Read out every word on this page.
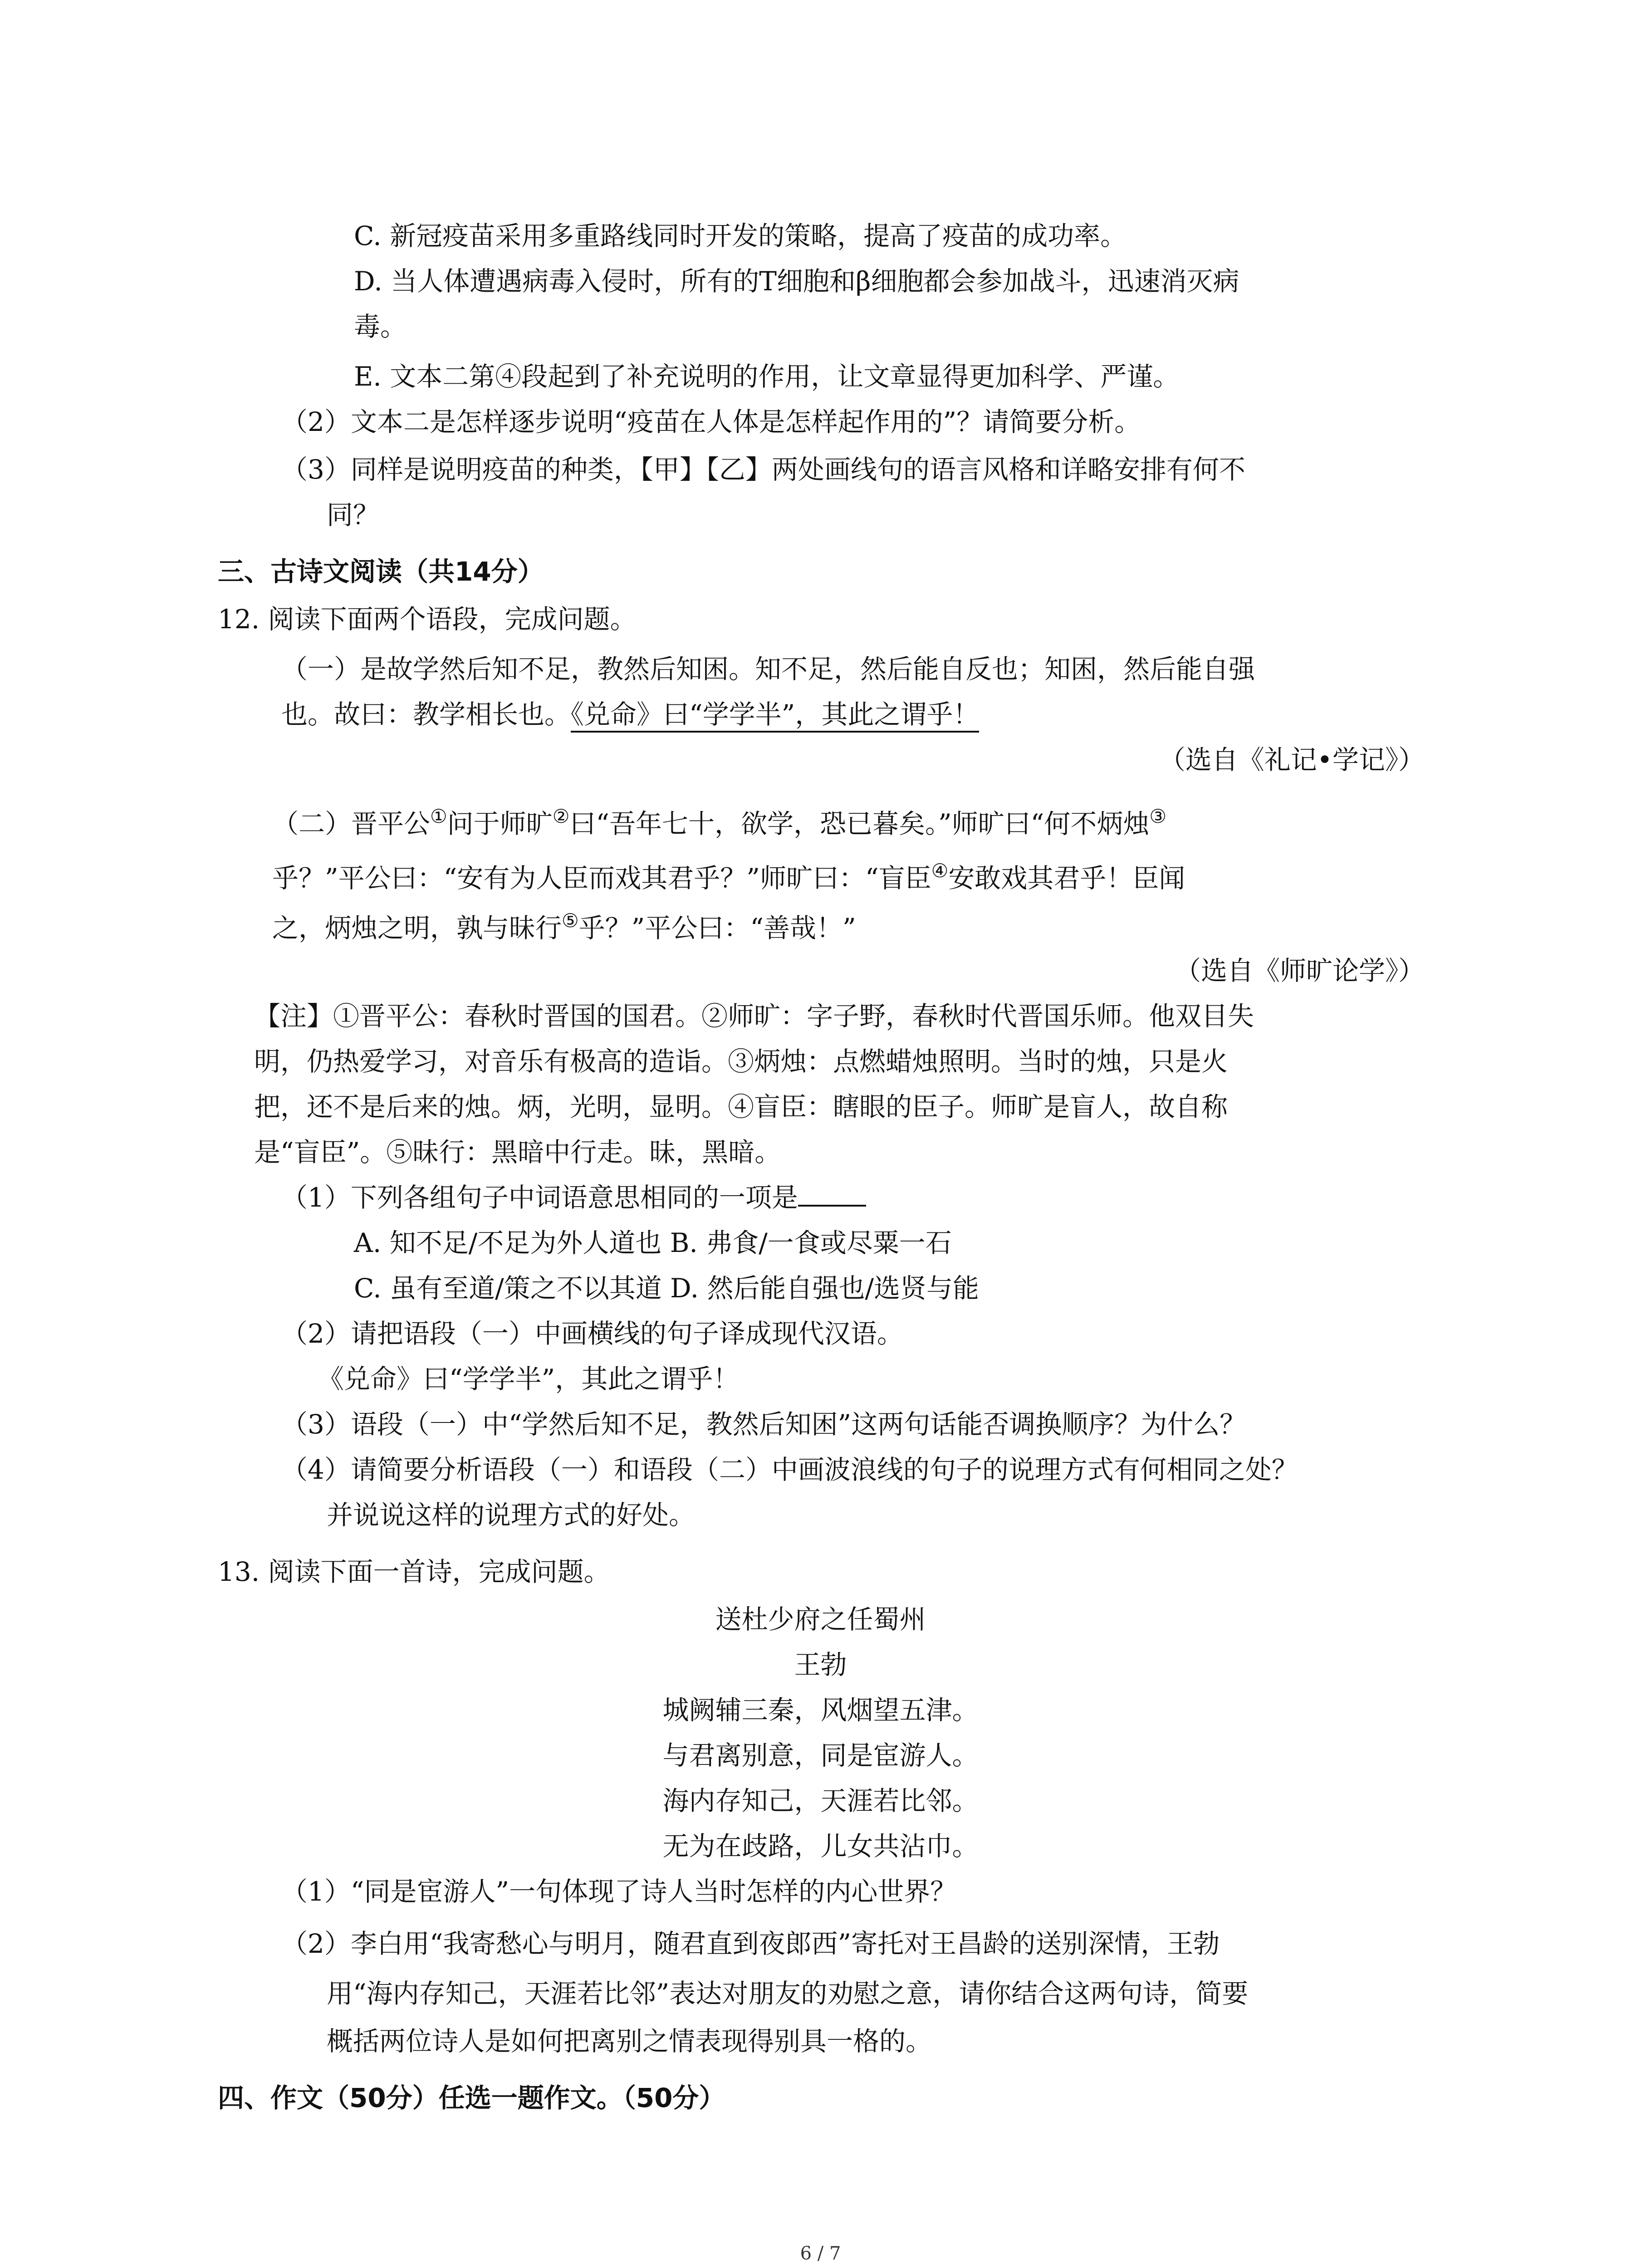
C. 新冠疫苗采用多重路线同时开发的策略，提高了疫苗的成功率。
D. 当人体遭遇病毒入侵时，所有的T细胞和β细胞都会参加战斗，迅速消灭病
毒。
E. 文本二第④段起到了补充说明的作用，让文章显得更加科学、严谨。
（2）文本二是怎样逐步说明“疫苗在人体是怎样起作用的”？请简要分析。
（3）同样是说明疫苗的种类，【甲】【乙】两处画线句的语言风格和详略安排有何不
同？
三、古诗文阅读（共14分）
12. 阅读下面两个语段，完成问题。
（一）是故学然后知不足，教然后知困。知不足，然后能自反也；知困，然后能自强
也。故曰：教学相长也。《兑命》曰“学学半”，其此之谓乎！
（选自《礼记•学记》）
（二）晋平公①问于师旷②曰“吾年七十，欲学，恐已暮矣。”师旷曰“何不炳烛③
乎？”平公曰：“安有为人臣而戏其君乎？”师旷曰：“盲臣④安敢戏其君乎！臣闻
之，炳烛之明，孰与昧行⑤乎？”平公曰：“善哉！”
（选自《师旷论学》）
【注】①晋平公：春秋时晋国的国君。②师旷：字子野，春秋时代晋国乐师。他双目失
明，仍热爱学习，对音乐有极高的造诣。③炳烛：点燃蜡烛照明。当时的烛，只是火
把，还不是后来的烛。炳，光明，显明。④盲臣：瞎眼的臣子。师旷是盲人，故自称
是“盲臣”。⑤昧行：黑暗中行走。昧，黑暗。
（1）下列各组句子中词语意思相同的一项是
A. 知不足/不足为外人道也 B. 弗食/一食或尽粟一石
C. 虽有至道/策之不以其道 D. 然后能自强也/选贤与能
（2）请把语段（一）中画横线的句子译成现代汉语。
《兑命》曰“学学半”，其此之谓乎！
（3）语段（一）中“学然后知不足，教然后知困”这两句话能否调换顺序？为什么？
（4）请简要分析语段（一）和语段（二）中画波浪线的句子的说理方式有何相同之处？
并说说这样的说理方式的好处。
13. 阅读下面一首诗，完成问题。
送杜少府之任蜀州
王勃
城阙辅三秦，风烟望五津。
与君离别意，同是宦游人。
海内存知己，天涯若比邻。
无为在歧路，儿女共沾巾。
（1）“同是宦游人”一句体现了诗人当时怎样的内心世界？
（2）李白用“我寄愁心与明月，随君直到夜郎西”寄托对王昌龄的送别深情，王勃
用“海内存知己，天涯若比邻”表达对朋友的劝慰之意，请你结合这两句诗，简要
概括两位诗人是如何把离别之情表现得别具一格的。
四、作文（50分）任选一题作文。（50分）
6 / 7
